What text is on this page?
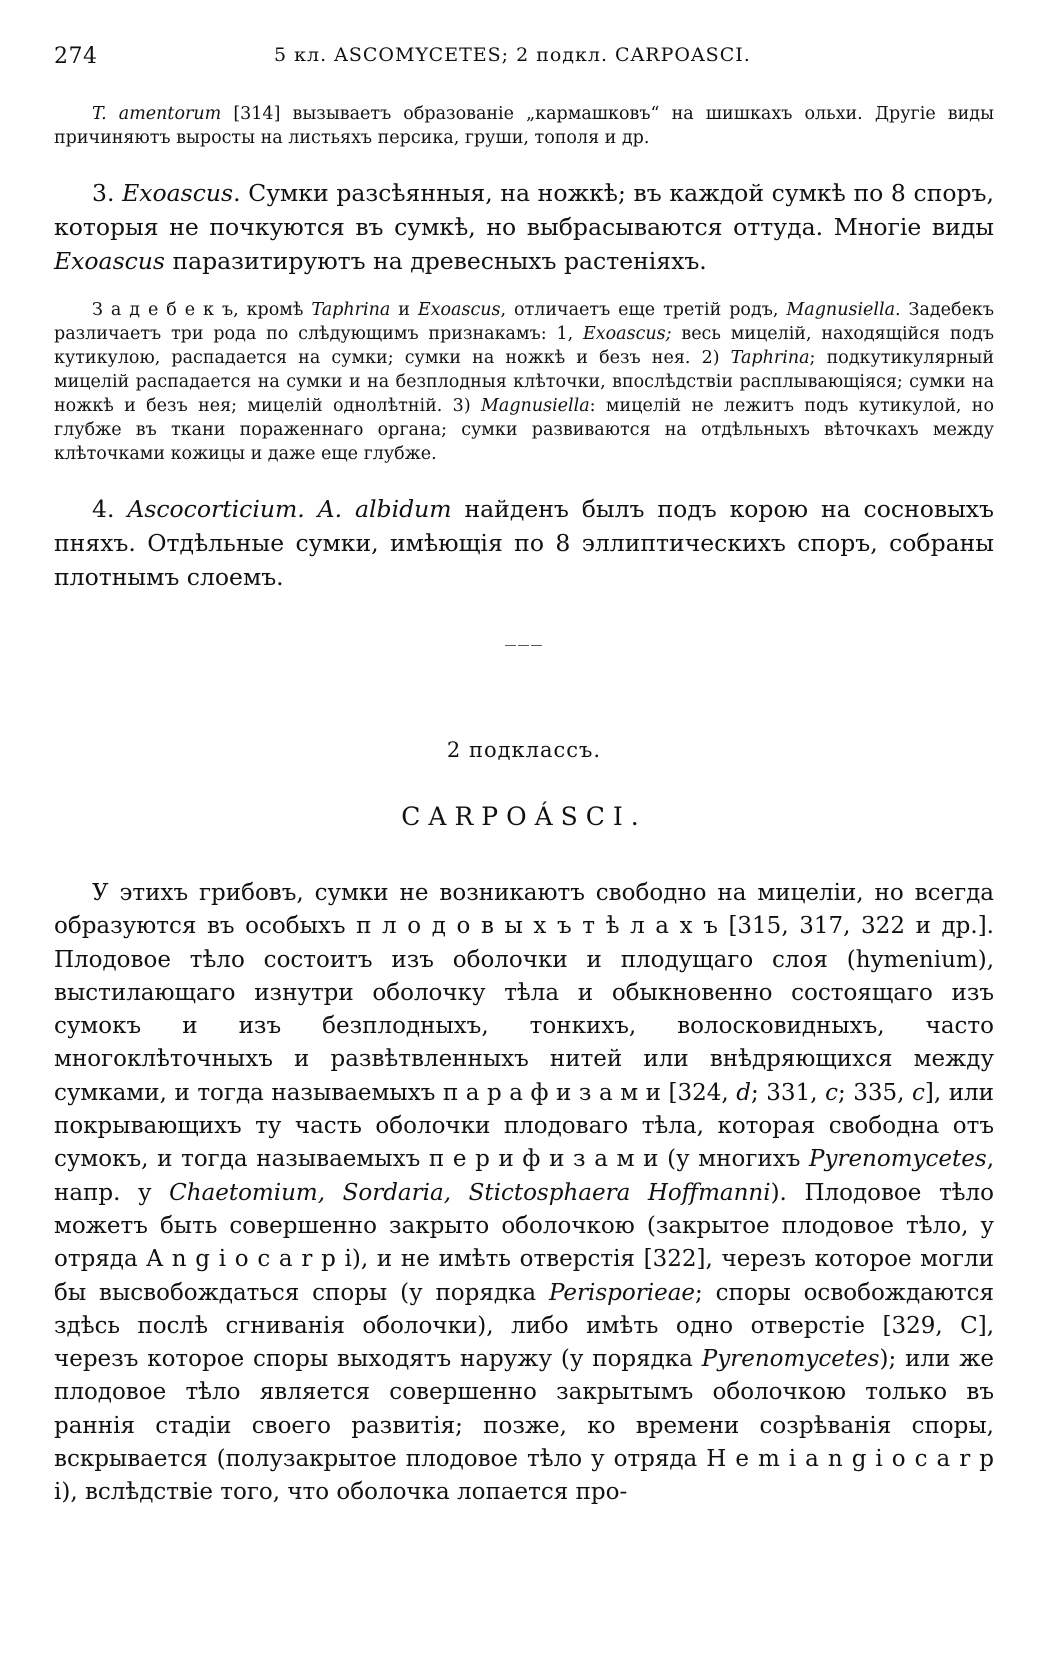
274	5 кл. ASCOMYCETES; 2 подкл. CARPOASCI.

T. amentorum [314] вызываетъ образованіе „кармашковъ“ на шишкахъ ольхи. Другіе виды причиняютъ выросты на листьяхъ персика, груши, тополя и др.

3. Exoascus. Сумки разсѣянныя, на ножкѣ; въ каждой сумкѣ по 8 споръ, которыя не почкуются въ сумкѣ, но выбрасываются оттуда. Многіе виды Exoascus паразитируютъ на древесныхъ растеніяхъ.

З а д е б е к ъ, кромѣ Taphrina и Exoascus, отличаетъ еще третій родъ, Magnusiella. Задебекъ различаетъ три рода по слѣдующимъ признакамъ: 1, Exoascus; весь мицелій, находящійся подъ кутикулою, распадается на сумки; сумки на ножкѣ и безъ нея. 2) Taphrina; подкутикулярный мицелій распадается на сумки и на безплодныя клѣточки, впослѣдствіи расплывающіяся; сумки на ножкѣ и безъ нея; мицелій однолѣтній. 3) Magnusiella: мицелій не лежитъ подъ кутикулой, но глубже въ ткани пораженнаго органа; сумки развиваются на отдѣльныхъ вѣточкахъ между клѣточками кожицы и даже еще глубже.

4. Ascocorticium. A. albidum найденъ былъ подъ корою на сосновыхъ пняхъ. Отдѣльные сумки, имѣющія по 8 эллиптическихъ споръ, собраны плотнымъ слоемъ.

———
2 подклассъ.
CARPOÁSCI.

У этихъ грибовъ, сумки не возникаютъ свободно на мицеліи, но всегда образуются въ особыхъ п л о д о в ы х ъ т ѣ л а х ъ [315, 317, 322 и др.]. Плодовое тѣло состоитъ изъ оболочки и плодущаго слоя (hymenium), выстилающаго изнутри оболочку тѣла и обыкновенно состоящаго изъ сумокъ и изъ безплодныхъ, тонкихъ, волосковидныхъ, часто многоклѣточныхъ и развѣтвленныхъ нитей или внѣдряющихся между сумками, и тогда называемыхъ п а р а ф и з а м и [324, d; 331, c; 335, c], или покрывающихъ ту часть оболочки плодоваго тѣла, которая свободна отъ сумокъ, и тогда называемыхъ п е р и ф и з а м и (у многихъ Pyrenomycetes, напр. у Chaetomium, Sordaria, Stictosphaera Hoffmanni). Плодовое тѣло можетъ быть совершенно закрыто оболочкою (закрытое плодовое тѣло, у отряда A n g i o c a r p i), и не имѣть отверстія [322], черезъ которое могли бы высвобождаться споры (у порядка Perisporieae; споры освобождаются здѣсь послѣ сгниванія оболочки), либо имѣть одно отверстіе [329, C], черезъ которое споры выходятъ наружу (у порядка Pyrenomycetes); или же плодовое тѣло является совершенно закрытымъ оболочкою только въ раннія стадіи своего развитія; позже, ко времени созрѣванія споры, вскрывается (полузакрытое плодовое тѣло у отряда H e m i a n g i o c a r p i), вслѣдствіе того, что оболочка лопается про-
